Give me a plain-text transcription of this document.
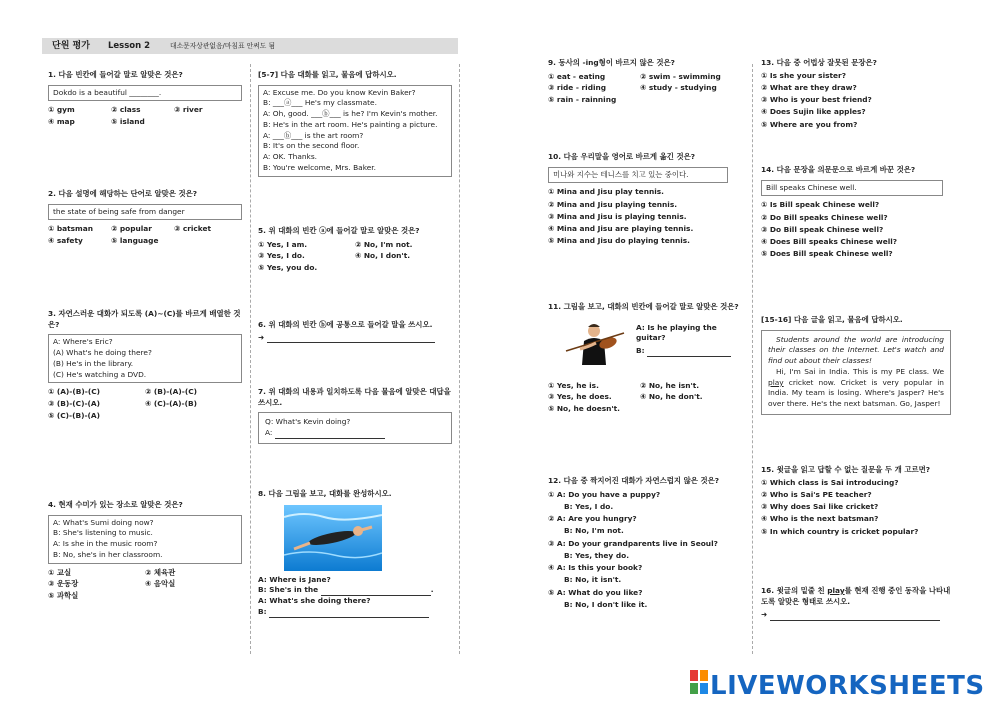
단원 평가 Lesson 2	대소문자상관없음/마침표 안써도 됨

1. 다음 빈칸에 들어갈 말로 알맞은 것은?

Dokdo is a beautiful ________.
① gym	② class	③ river
④ map	⑤ island

2. 다음 설명에 해당하는 단어로 알맞은 것은?

the state of being safe from danger
① batsman	② popular	③ cricket
④ safety	⑤ language

3. 자연스러운 대화가 되도록 (A)~(C)를 바르게 배열한 것은?

A: Where's Eric?
(A) What's he doing there?
(B) He's in the library.
(C) He's watching a DVD.
① (A)-(B)-(C)	② (B)-(A)-(C)
③ (B)-(C)-(A)	④ (C)-(A)-(B)
⑤ (C)-(B)-(A)

4. 현재 수미가 있는 장소로 알맞은 것은?

A: What's Sumi doing now?
B: She's listening to music.
A: Is she in the music room?
B: No, she's in her classroom.
① 교실	② 체육관
③ 운동장	④ 음악실
⑤ 과학실

[5-7] 다음 대화를 읽고, 물음에 답하시오.

A: Excuse me. Do you know Kevin Baker?
B: ___ⓐ___ He's my classmate.
A: Oh, good. ___ⓑ___ is he? I'm Kevin's mother.
B: He's in the art room. He's painting a picture.
A: ___ⓑ___ is the art room?
B: It's on the second floor.
A: OK. Thanks.
B: You're welcome, Mrs. Baker.

5. 위 대화의 빈칸 ⓐ에 들어갈 말로 알맞은 것은?

① Yes, I am.	② No, I'm not.
③ Yes, I do.	④ No, I don't.
⑤ Yes, you do.

6. 위 대화의 빈칸 ⓑ에 공통으로 들어갈 말을 쓰시오.

➜

7. 위 대화의 내용과 일치하도록 다음 물음에 알맞은 대답을 쓰시오.

Q: What's Kevin doing?
A:

8. 다음 그림을 보고, 대화를 완성하시오.

A: Where is Jane?
B: She's in the	.
A: What's she doing there?
B:

9. 동사의 -ing형이 바르지 않은 것은?

① eat - eating	② swim - swimming
③ ride - riding	④ study - studying
⑤ rain - rainning

10. 다음 우리말을 영어로 바르게 옮긴 것은?

미나와 지수는 테니스를 치고 있는 중이다.
① Mina and Jisu play tennis.
② Mina and Jisu playing tennis.
③ Mina and Jisu is playing tennis.
④ Mina and Jisu are playing tennis.
⑤ Mina and Jisu do playing tennis.

11. 그림을 보고, 대화의 빈칸에 들어갈 말로 알맞은 것은?

A: Is he playing the guitar?
B:
① Yes, he is.	② No, he isn't.
③ Yes, he does.	④ No, he don't.
⑤ No, he doesn't.

12. 다음 중 짝지어진 대화가 자연스럽지 않은 것은?

① A: Do you have a puppy?
B: Yes, I do.
② A: Are you hungry?
B: No, I'm not.
③ A: Do your grandparents live in Seoul?
B: Yes, they do.
④ A: Is this your book?
B: No, it isn't.
⑤ A: What do you like?
B: No, I don't like it.

13. 다음 중 어법상 잘못된 문장은?

① Is she your sister?
② What are they draw?
③ Who is your best friend?
④ Does Sujin like apples?
⑤ Where are you from?

14. 다음 문장을 의문문으로 바르게 바꾼 것은?

Bill speaks Chinese well.
① Is Bill speak Chinese well?
② Do Bill speaks Chinese well?
③ Do Bill speak Chinese well?
④ Does Bill speaks Chinese well?
⑤ Does Bill speak Chinese well?

[15-16] 다음 글을 읽고, 물음에 답하시오.

Students around the world are introducing their classes on the Internet. Let's watch and find out about their classes!

Hi, I'm Sai in India. This is my PE class. We play cricket now. Cricket is very popular in India. My team is losing. Where's Jasper? He's over there. He's the next batsman. Go, Jasper!

15. 윗글을 읽고 답할 수 없는 질문을 두 개 고르면?

① Which class is Sai introducing?
② Who is Sai's PE teacher?
③ Why does Sai like cricket?
④ Who is the next batsman?
⑤ In which country is cricket popular?

16. 윗글의 밑줄 친 play를 현재 진행 중인 동작을 나타내도록 알맞은 형태로 쓰시오.

➜
LIVEWORKSHEETS
